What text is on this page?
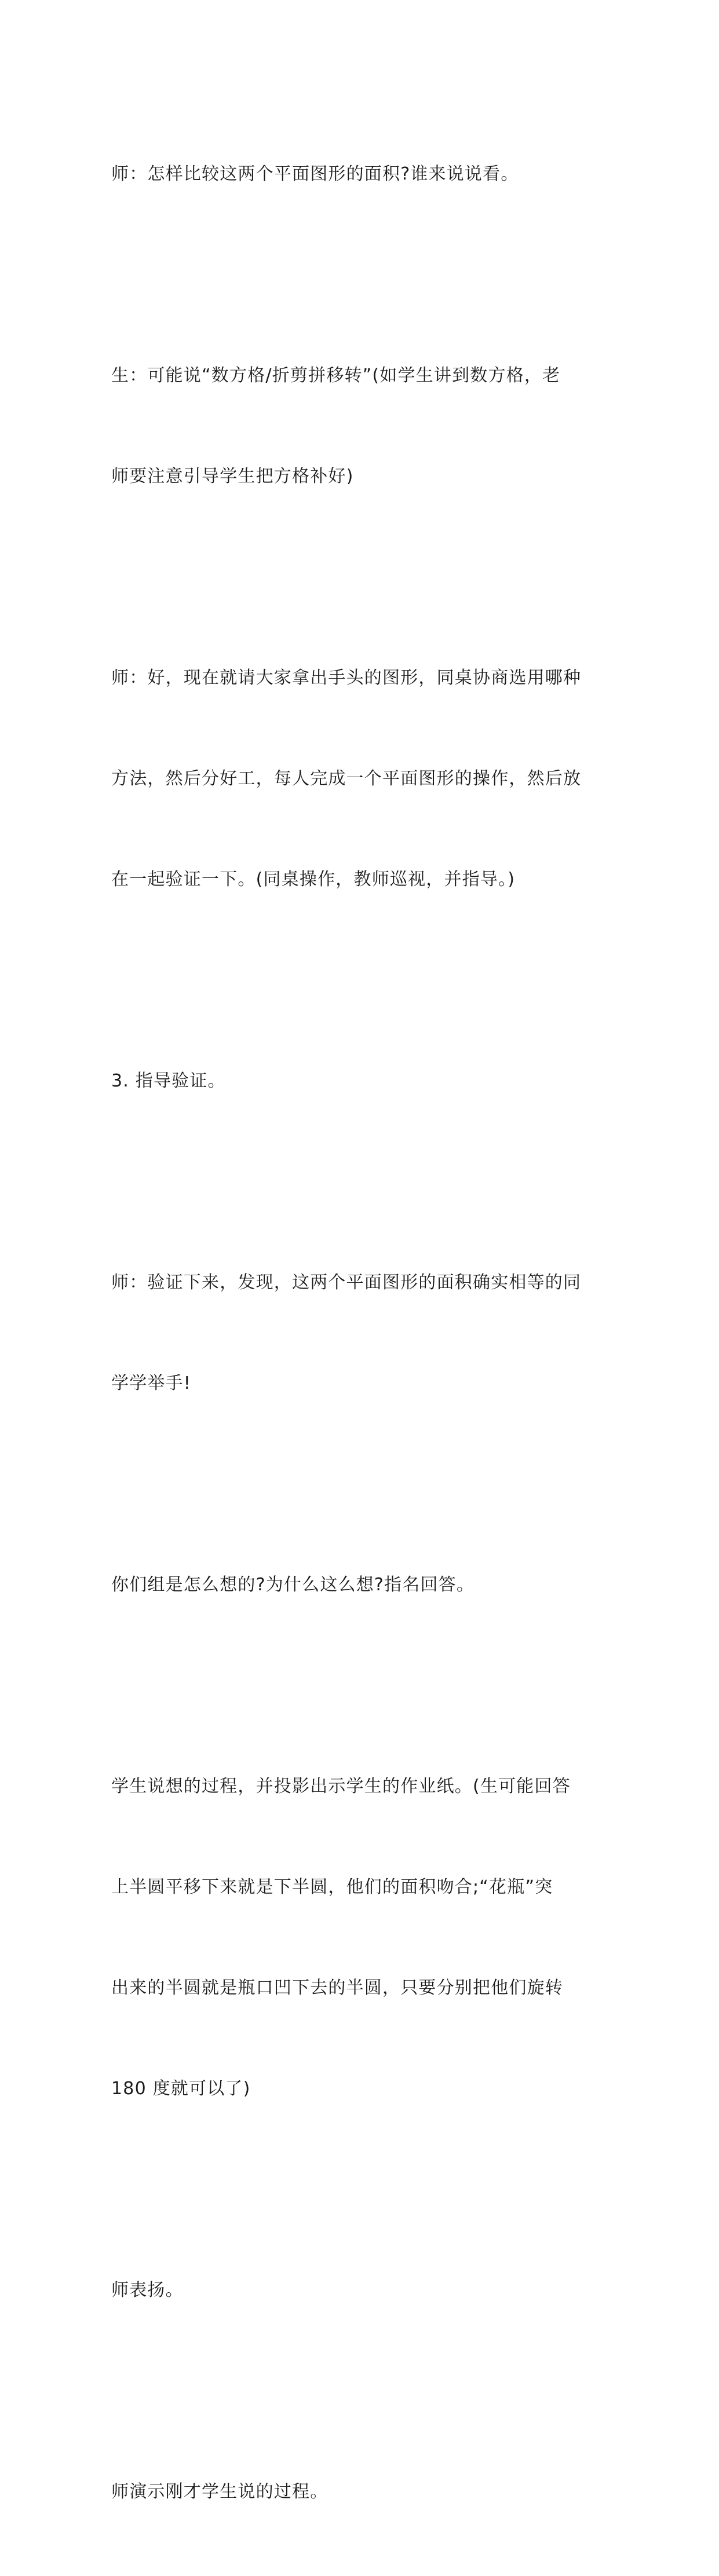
师：怎样比较这两个平面图形的面积?谁来说说看。

生：可能说“数方格/折剪拼移转”(如学生讲到数方格，老

师要注意引导学生把方格补好)

师：好，现在就请大家拿出手头的图形，同桌协商选用哪种

方法，然后分好工，每人完成一个平面图形的操作，然后放

在一起验证一下。(同桌操作，教师巡视，并指导。)

3. 指导验证。

师：验证下来，发现，这两个平面图形的面积确实相等的同

学学举手!

你们组是怎么想的?为什么这么想?指名回答。

学生说想的过程，并投影出示学生的作业纸。(生可能回答

上半圆平移下来就是下半圆，他们的面积吻合;“花瓶”突

出来的半圆就是瓶口凹下去的半圆，只要分别把他们旋转

180 度就可以了)

师表扬。

师演示刚才学生说的过程。
